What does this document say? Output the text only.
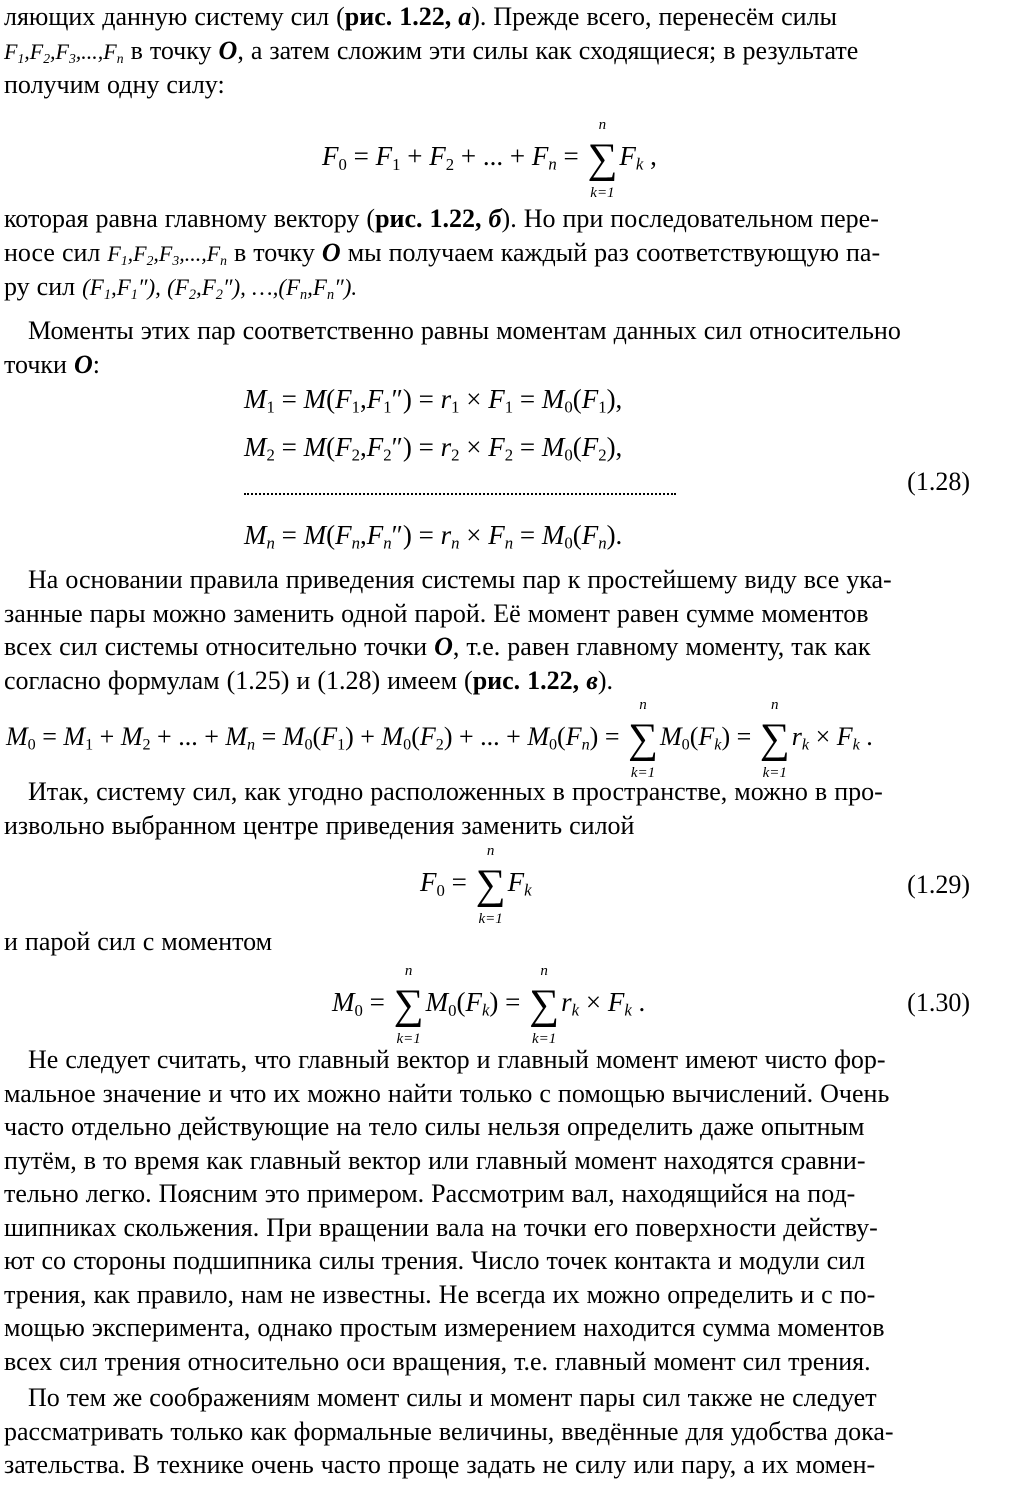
ляющих данную систему сил (рис. 1.22, а). Прежде всего, перенесём силы
$F_1,F_2,F_3,...,F_n$ в точку O, а затем сложим эти силы как сходящиеся; в результате
получим одну силу:
$F_0 = F_1 + F_2$ + ... + $F_n$ =
n
∑
k=1
$F_k$ ,
которая равна главному вектору (рис. 1.22, б). Но при последовательном пере-
носе сил $F_1,F_2,F_3,...,F_n$ в точку O мы получаем каждый раз соответствующую па-
ру сил $(F_1,F_1'')$, $(F_2,F_2'')$, $\dots,(F_n,F_n'')$.
Моменты этих пар соответственно равны моментам данных сил относительно
точки O:
$M_1 = M(F_1,F_1'') = r_1 \times F_1 = M_0(F_1)$,
$M_2 = M(F_2,F_2'') = r_2 \times F_2 = M_0(F_2)$,
(1.28)
$M_n = M(F_n,F_n'') = r_n \times F_n = M_0(F_n)$.
На основании правила приведения системы пар к простейшему виду все ука-
занные пары можно заменить одной парой. Её момент равен сумме моментов
всех сил системы относительно точки O, т.е. равен главному моменту, так как
согласно формулам (1.25) и (1.28) имеем (рис. 1.22, в).
$M_0 = M_1 + M_2$ + ... + $M_n = M_0(F_1) + M_0(F_2)$ + ... + $M_0(F_n)$ =
n
∑
k=1
$M_0(F_k)$ =
n
∑
k=1
$r_k \times F_k$ .
Итак, систему сил, как угодно расположенных в пространстве, можно в про-
извольно выбранном центре приведения заменить силой
$F_0$ =
n
∑
k=1
$F_k$	(1.29)
и парой сил с моментом
$M_0$ =
n
∑
k=1
$M_0(F_k)$ =
n
∑
k=1
$r_k \times F_k$ .	(1.30)
Не следует считать, что главный вектор и главный момент имеют чисто фор-
мальное значение и что их можно найти только с помощью вычислений. Очень
часто отдельно действующие на тело силы нельзя определить даже опытным
путём, в то время как главный вектор или главный момент находятся сравни-
тельно легко. Поясним это примером. Рассмотрим вал, находящийся на под-
шипниках скольжения. При вращении вала на точки его поверхности действу-
ют со стороны подшипника силы трения. Число точек контакта и модули сил
трения, как правило, нам не известны. Не всегда их можно определить и с по-
мощью эксперимента, однако простым измерением находится сумма моментов
всех сил трения относительно оси вращения, т.е. главный момент сил трения.
По тем же соображениям момент силы и момент пары сил также не следует
рассматривать только как формальные величины, введённые для удобства дока-
зательства. В технике очень часто проще задать не силу или пару, а их момен-
